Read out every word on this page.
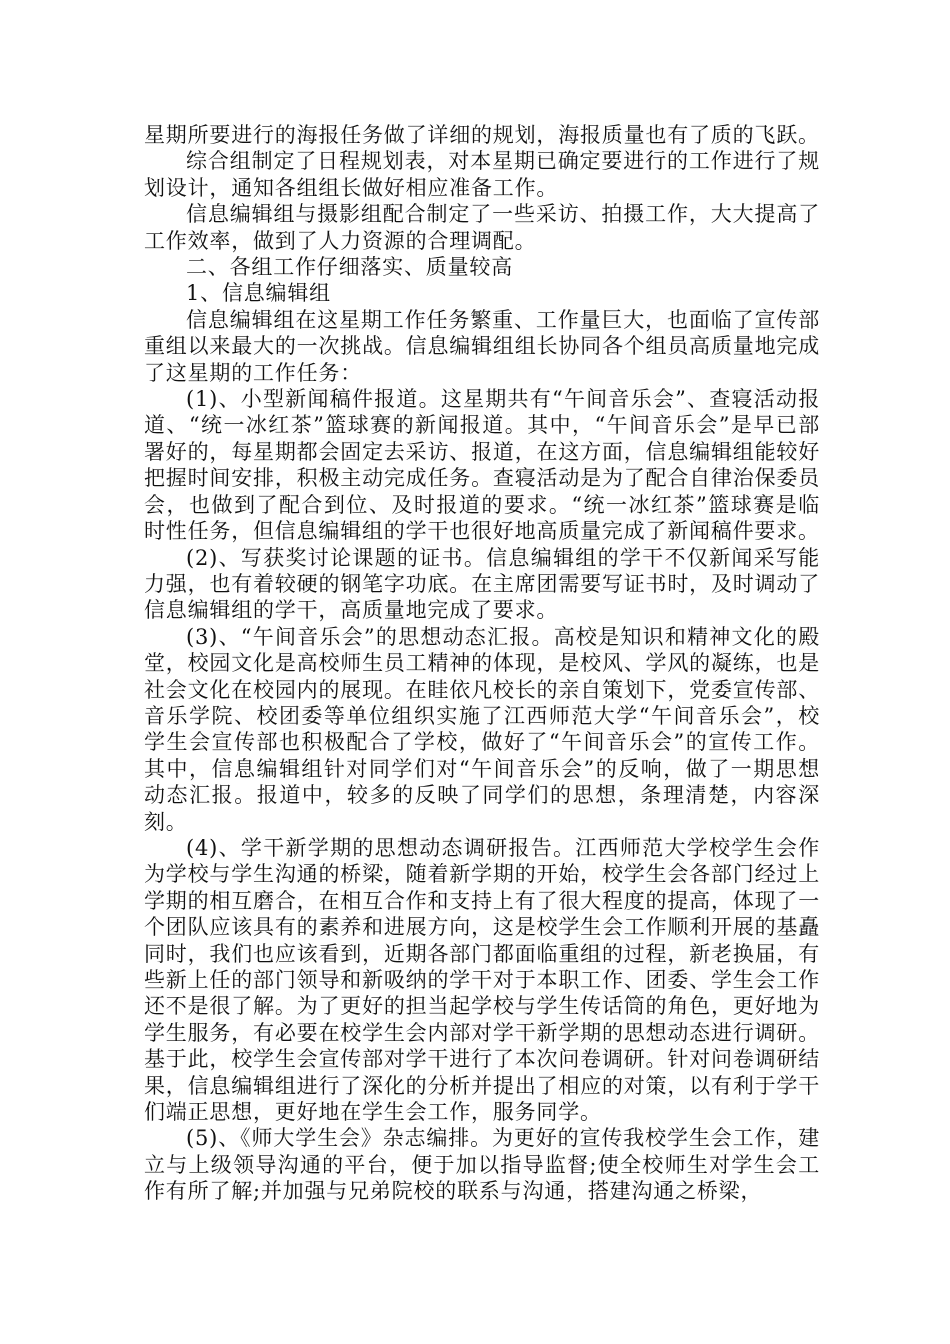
星期所要进行的海报任务做了详细的规划，海报质量也有了质的飞跃。

综合组制定了日程规划表，对本星期已确定要进行的工作进行了规划设计，通知各组组长做好相应准备工作。

信息编辑组与摄影组配合制定了一些采访、拍摄工作，大大提高了工作效率，做到了人力资源的合理调配。

二、各组工作仔细落实、质量较高

1、信息编辑组

信息编辑组在这星期工作任务繁重、工作量巨大，也面临了宣传部重组以来最大的一次挑战。信息编辑组组长协同各个组员高质量地完成了这星期的工作任务：

(1)、小型新闻稿件报道。这星期共有“午间音乐会”、查寝活动报道、“统一冰红茶”篮球赛的新闻报道。其中，“午间音乐会”是早已部署好的，每星期都会固定去采访、报道，在这方面，信息编辑组能较好把握时间安排，积极主动完成任务。查寝活动是为了配合自律治保委员会，也做到了配合到位、及时报道的要求。“统一冰红茶”篮球赛是临时性任务，但信息编辑组的学干也很好地高质量完成了新闻稿件要求。

(2)、写获奖讨论课题的证书。信息编辑组的学干不仅新闻采写能力强，也有着较硬的钢笔字功底。在主席团需要写证书时，及时调动了信息编辑组的学干，高质量地完成了要求。

(3)、“午间音乐会”的思想动态汇报。高校是知识和精神文化的殿堂，校园文化是高校师生员工精神的体现，是校风、学风的凝练，也是社会文化在校园内的展现。在眭依凡校长的亲自策划下，党委宣传部、音乐学院、校团委等单位组织实施了江西师范大学“午间音乐会”，校学生会宣传部也积极配合了学校，做好了“午间音乐会”的宣传工作。其中，信息编辑组针对同学们对“午间音乐会”的反响，做了一期思想动态汇报。报道中，较多的反映了同学们的思想，条理清楚，内容深刻。

(4)、学干新学期的思想动态调研报告。江西师范大学校学生会作为学校与学生沟通的桥梁，随着新学期的开始，校学生会各部门经过上学期的相互磨合，在相互合作和支持上有了很大程度的提高，体现了一个团队应该具有的素养和进展方向，这是校学生会工作顺利开展的基矗同时，我们也应该看到，近期各部门都面临重组的过程，新老换届，有些新上任的部门领导和新吸纳的学干对于本职工作、团委、学生会工作还不是很了解。为了更好的担当起学校与学生传话筒的角色，更好地为学生服务，有必要在校学生会内部对学干新学期的思想动态进行调研。基于此，校学生会宣传部对学干进行了本次问卷调研。针对问卷调研结果，信息编辑组进行了深化的分析并提出了相应的对策，以有利于学干们端正思想，更好地在学生会工作，服务同学。

(5)、《师大学生会》杂志编排。为更好的宣传我校学生会工作，建立与上级领导沟通的平台，便于加以指导监督;使全校师生对学生会工作有所了解;并加强与兄弟院校的联系与沟通，搭建沟通之桥梁，
